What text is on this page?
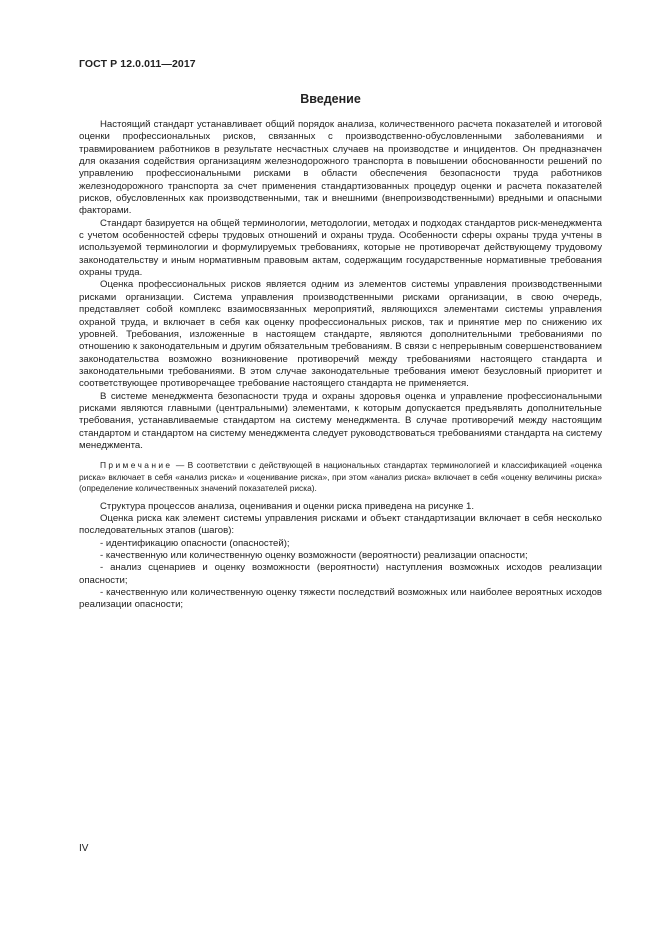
ГОСТ Р 12.0.011—2017
Введение

Настоящий стандарт устанавливает общий порядок анализа, количественного расчета показателей и итоговой оценки профессиональных рисков, связанных с производственно-обусловленными заболеваниями и травмированием работников в результате несчастных случаев на производстве и инцидентов. Он предназначен для оказания содействия организациям железнодорожного транспорта в повышении обоснованности решений по управлению профессиональными рисками в области обеспечения безопасности труда работников железнодорожного транспорта за счет применения стандартизованных процедур оценки и расчета показателей рисков, обусловленных как производственными, так и внешними (внепроизводственными) вредными и опасными факторами.

Стандарт базируется на общей терминологии, методологии, методах и подходах стандартов риск-менеджмента с учетом особенностей сферы трудовых отношений и охраны труда. Особенности сферы охраны труда учтены в используемой терминологии и формулируемых требованиях, которые не противоречат действующему трудовому законодательству и иным нормативным правовым актам, содержащим государственные нормативные требования охраны труда.

Оценка профессиональных рисков является одним из элементов системы управления производственными рисками организации. Система управления производственными рисками организации, в свою очередь, представляет собой комплекс взаимосвязанных мероприятий, являющихся элементами системы управления охраной труда, и включает в себя как оценку профессиональных рисков, так и принятие мер по снижению их уровней. Требования, изложенные в настоящем стандарте, являются дополнительными требованиями по отношению к законодательным и другим обязательным требованиям. В связи с непрерывным совершенствованием законодательства возможно возникновение противоречий между требованиями настоящего стандарта и законодательными требованиями. В этом случае законодательные требования имеют безусловный приоритет и соответствующее противоречащее требование настоящего стандарта не применяется.

В системе менеджмента безопасности труда и охраны здоровья оценка и управление профессиональными рисками являются главными (центральными) элементами, к которым допускается предъявлять дополнительные требования, устанавливаемые стандартом на систему менеджмента. В случае противоречий между настоящим стандартом и стандартом на систему менеджмента следует руководствоваться требованиями стандарта на систему менеджмента.

Примечание — В соответствии с действующей в национальных стандартах терминологией и классификацией «оценка риска» включает в себя «анализ риска» и «оценивание риска», при этом «анализ риска» включает в себя «оценку величины риска» (определение количественных значений показателей риска).

Структура процессов анализа, оценивания и оценки риска приведена на рисунке 1.

Оценка риска как элемент системы управления рисками и объект стандартизации включает в себя несколько последовательных этапов (шагов):

- идентификацию опасности (опасностей);

- качественную или количественную оценку возможности (вероятности) реализации опасности;

- анализ сценариев и оценку возможности (вероятности) наступления возможных исходов реализации опасности;

- качественную или количественную оценку тяжести последствий возможных или наиболее вероятных исходов реализации опасности;

IV
